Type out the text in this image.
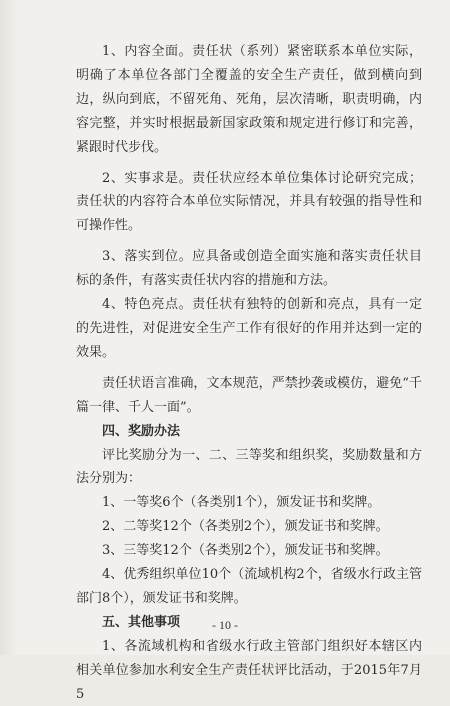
1、内容全面。责任状（系列）紧密联系本单位实际，明确了本单位各部门全覆盖的安全生产责任，做到横向到边，纵向到底，不留死角、死角，层次清晰，职责明确，内容完整，并实时根据最新国家政策和规定进行修订和完善，紧跟时代步伐。

2、实事求是。责任状应经本单位集体讨论研究完成；责任状的内容符合本单位实际情况，并具有较强的指导性和可操作性。

3、落实到位。应具备或创造全面实施和落实责任状目标的条件，有落实责任状内容的措施和方法。

4、特色亮点。责任状有独特的创新和亮点，具有一定的先进性，对促进安全生产工作有很好的作用并达到一定的效果。

责任状语言准确，文本规范，严禁抄袭或模仿，避免“千篇一律、千人一面”。

四、奖励办法

评比奖励分为一、二、三等奖和组织奖，奖励数量和方法分别为：

1、一等奖6个（各类别1个），颁发证书和奖牌。

2、二等奖12个（各类别2个），颁发证书和奖牌。

3、三等奖12个（各类别2个），颁发证书和奖牌。

4、优秀组织单位10个（流域机构2个，省级水行政主管部门8个），颁发证书和奖牌。

五、其他事项

1、各流域机构和省级水行政主管部门组织好本辖区内相关单位参加水利安全生产责任状评比活动，于2015年7月5

- 10 -
